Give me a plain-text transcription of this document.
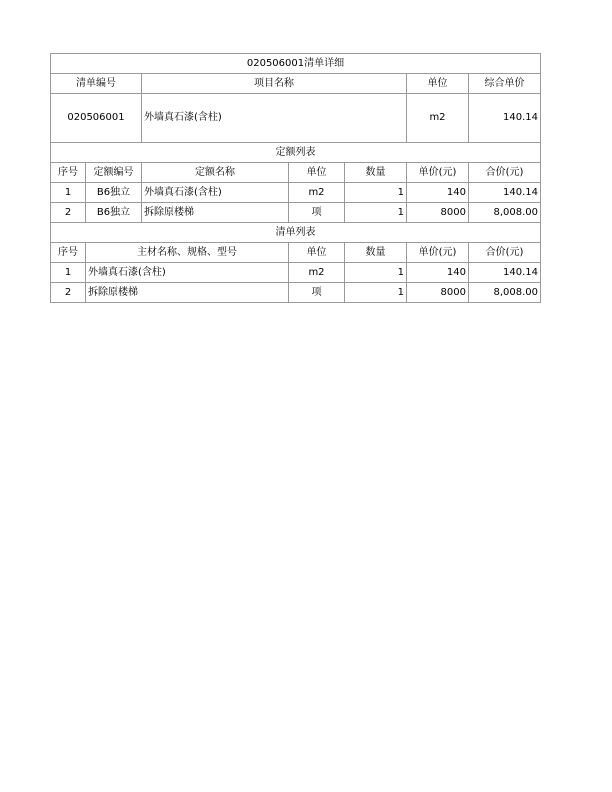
020506001清单详细						
清单编号		项目名称			单位	综合单价
020506001		外墙真石漆(含柱)			m2	140.14
定额列表						
序号	定额编号	定额名称	单位	数量	单价(元)	合价(元)
1	B6独立	外墙真石漆(含柱)	m2	1	140	140.14
2	B6独立	拆除原楼梯	项	1	8000	8,008.00
清单列表						
序号	主材名称、规格、型号		单位	数量	单价(元)	合价(元)
1	外墙真石漆(含柱)		m2	1	140	140.14
2	拆除原楼梯		项	1	8000	8,008.00
